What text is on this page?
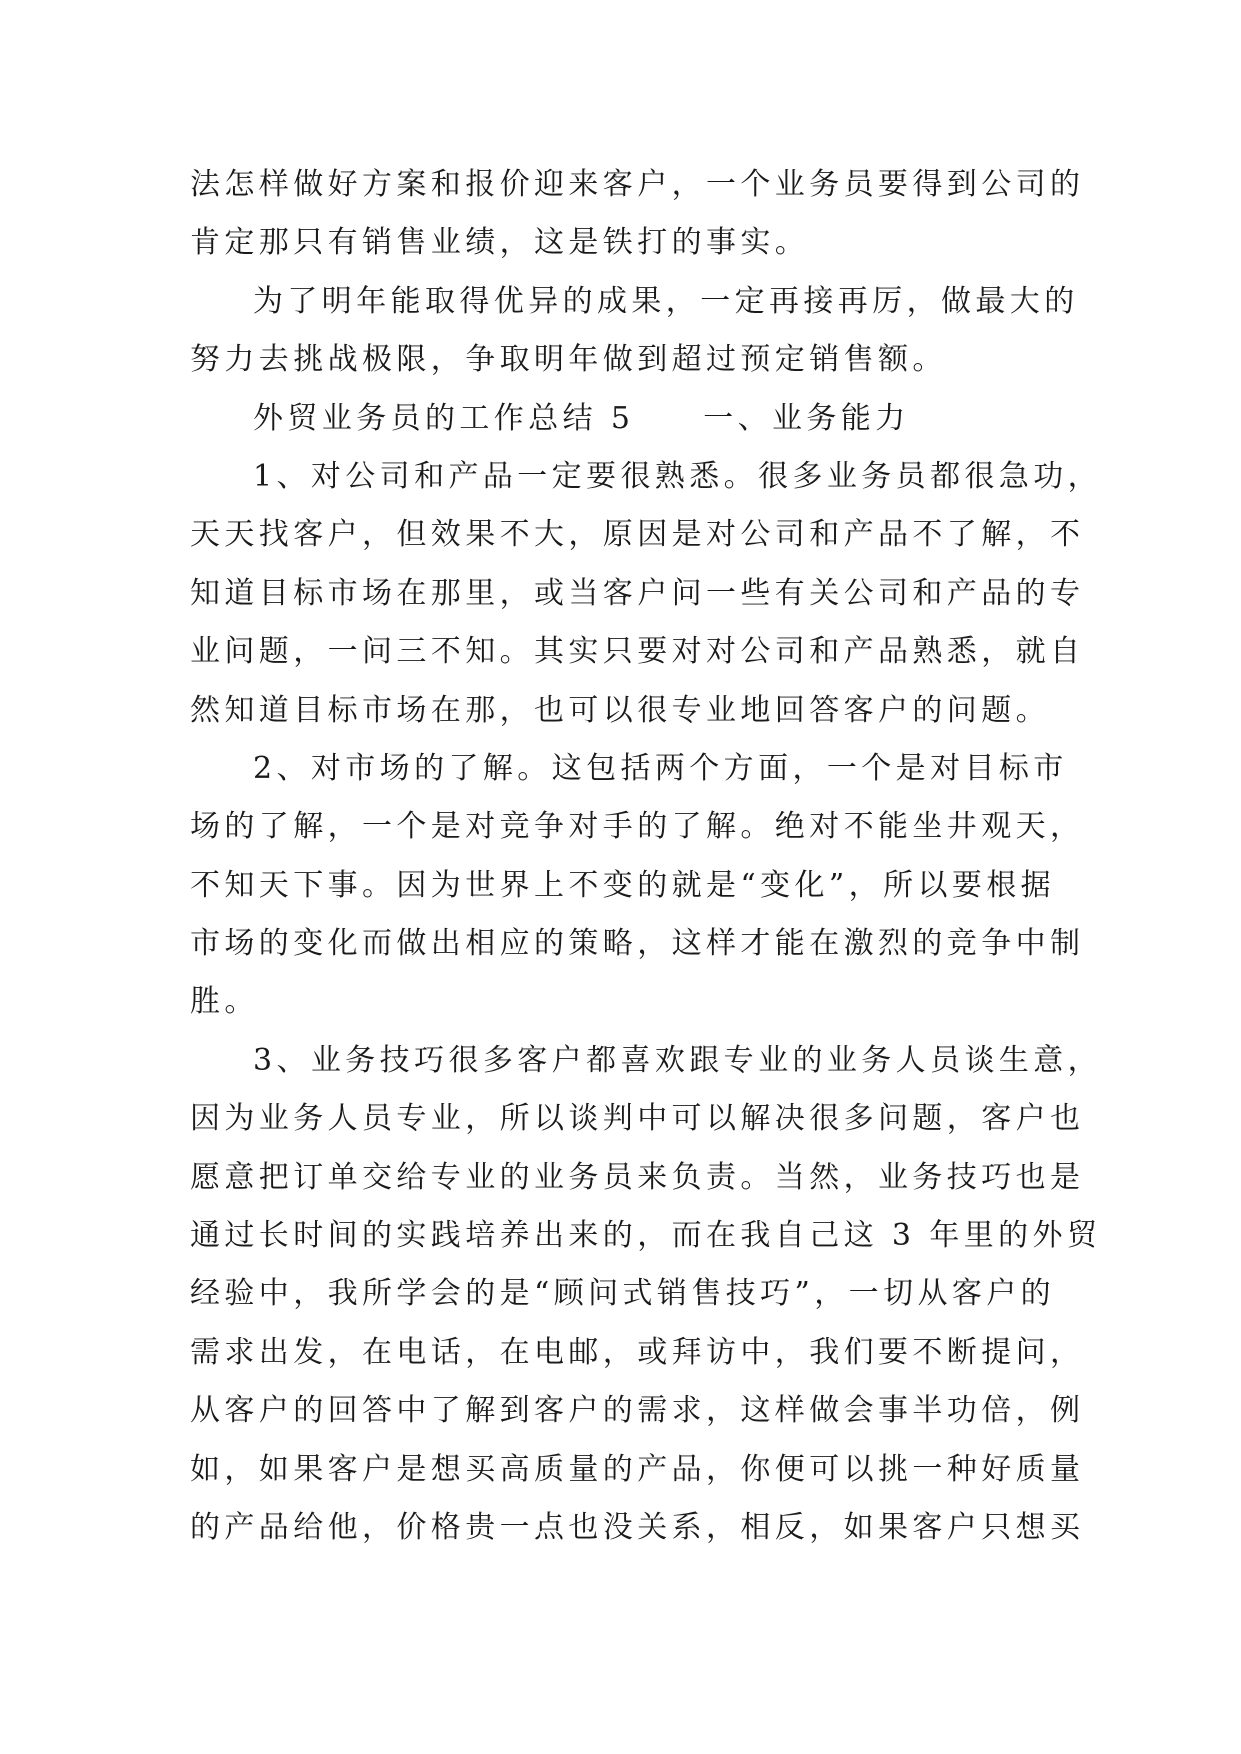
法怎样做好方案和报价迎来客户，一个业务员要得到公司的
肯定那只有销售业绩，这是铁打的事实。
为了明年能取得优异的成果，一定再接再厉，做最大的
努力去挑战极限，争取明年做到超过预定销售额。
外贸业务员的工作总结 5　　一、业务能力
1、对公司和产品一定要很熟悉。很多业务员都很急功，
天天找客户，但效果不大，原因是对公司和产品不了解，不
知道目标市场在那里，或当客户问一些有关公司和产品的专
业问题，一问三不知。其实只要对对公司和产品熟悉，就自
然知道目标市场在那，也可以很专业地回答客户的问题。
2、对市场的了解。这包括两个方面，一个是对目标市
场的了解，一个是对竞争对手的了解。绝对不能坐井观天，
不知天下事。因为世界上不变的就是“变化”，所以要根据
市场的变化而做出相应的策略，这样才能在激烈的竞争中制
胜。
3、业务技巧很多客户都喜欢跟专业的业务人员谈生意，
因为业务人员专业，所以谈判中可以解决很多问题，客户也
愿意把订单交给专业的业务员来负责。当然，业务技巧也是
通过长时间的实践培养出来的，而在我自己这 3 年里的外贸
经验中，我所学会的是“顾问式销售技巧”，一切从客户的
需求出发，在电话，在电邮，或拜访中，我们要不断提问，
从客户的回答中了解到客户的需求，这样做会事半功倍，例
如，如果客户是想买高质量的产品，你便可以挑一种好质量
的产品给他，价格贵一点也没关系，相反，如果客户只想买
